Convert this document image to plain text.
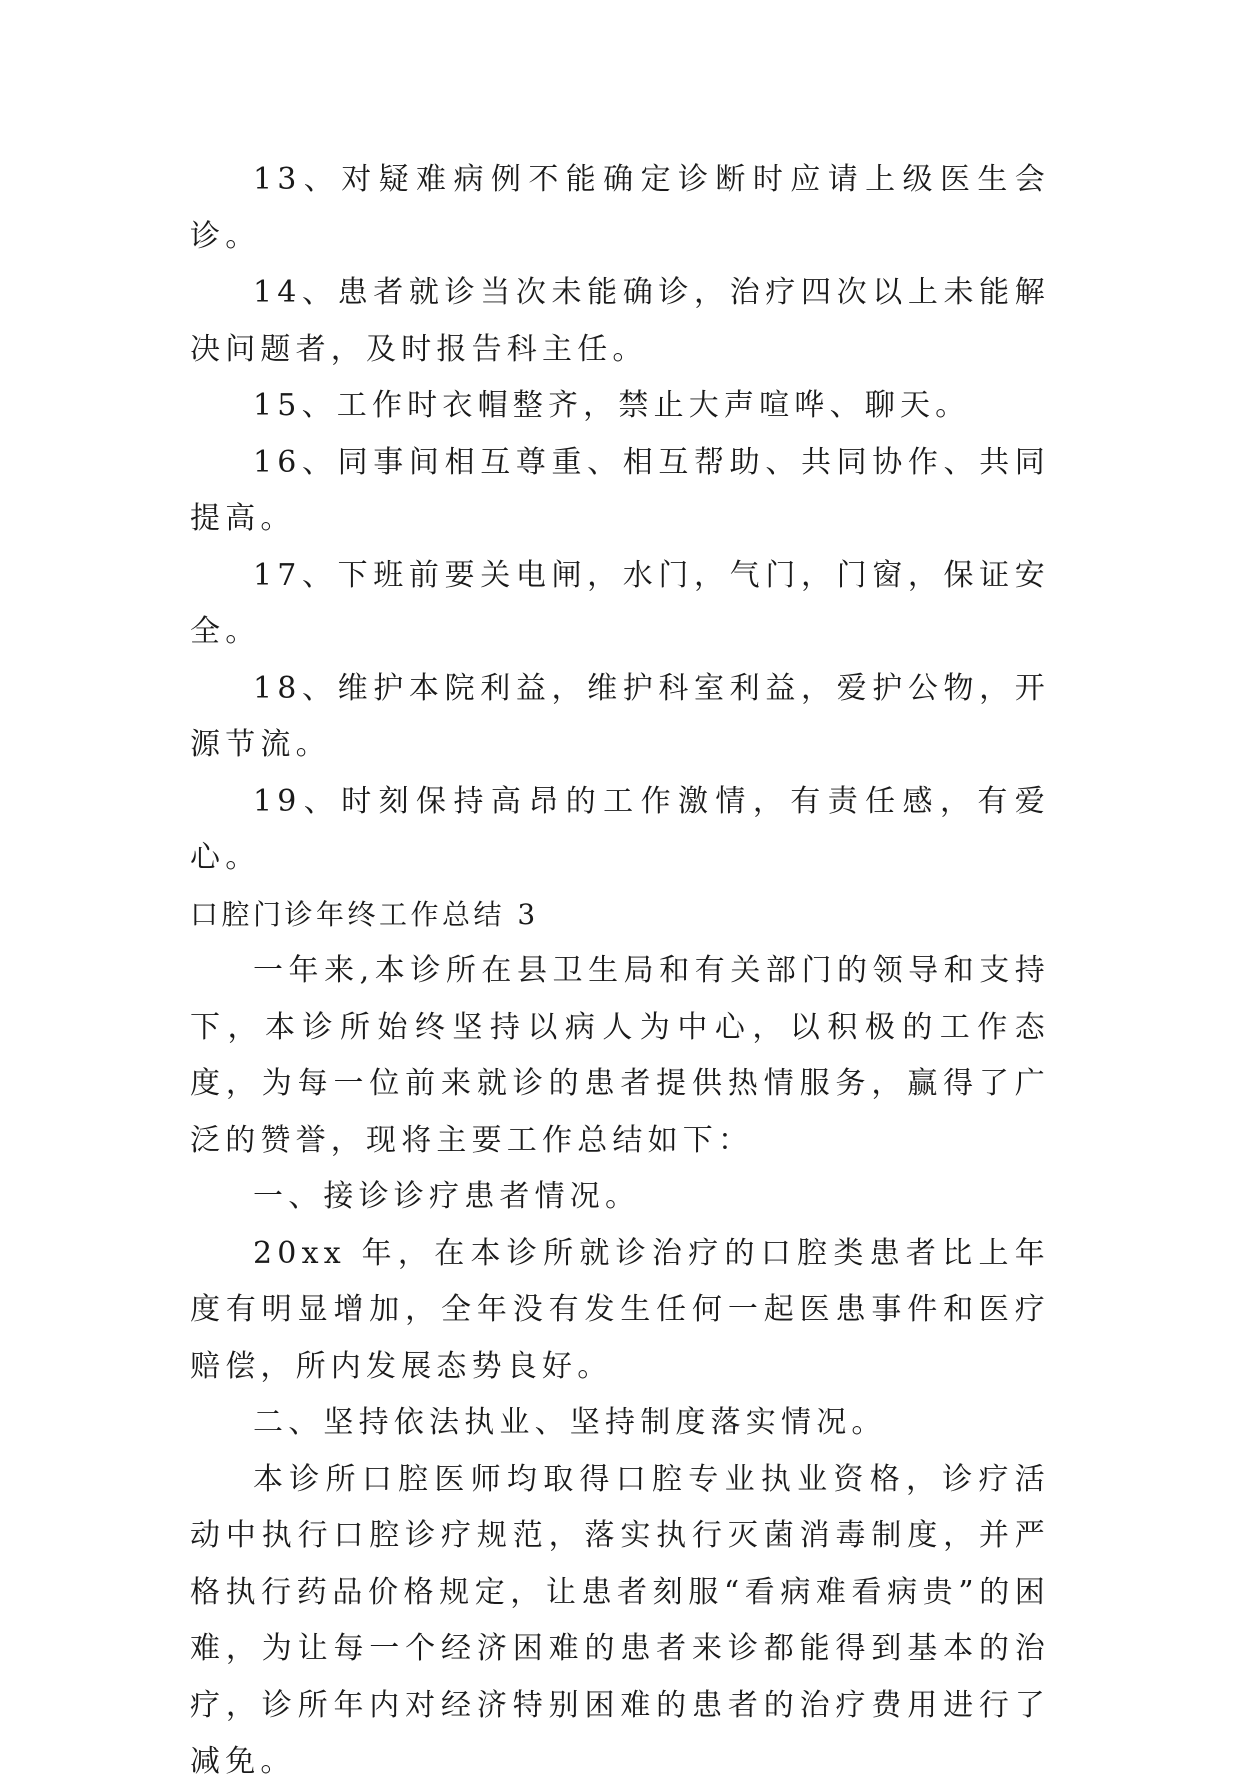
13、对疑难病例不能确定诊断时应请上级医生会诊。

14、患者就诊当次未能确诊，治疗四次以上未能解决问题者，及时报告科主任。

15、工作时衣帽整齐，禁止大声喧哗、聊天。

16、同事间相互尊重、相互帮助、共同协作、共同提高。

17、下班前要关电闸，水门，气门，门窗，保证安全。

18、维护本院利益，维护科室利益，爱护公物，开源节流。

19、时刻保持高昂的工作激情，有责任感，有爱心。

口腔门诊年终工作总结 3

一年来,本诊所在县卫生局和有关部门的领导和支持下，本诊所始终坚持以病人为中心，以积极的工作态度，为每一位前来就诊的患者提供热情服务，赢得了广泛的赞誉，现将主要工作总结如下：

一、接诊诊疗患者情况。

20xx 年，在本诊所就诊治疗的口腔类患者比上年度有明显增加，全年没有发生任何一起医患事件和医疗赔偿，所内发展态势良好。

二、坚持依法执业、坚持制度落实情况。

本诊所口腔医师均取得口腔专业执业资格，诊疗活动中执行口腔诊疗规范，落实执行灭菌消毒制度，并严格执行药品价格规定，让患者刻服“看病难看病贵”的困难，为让每一个经济困难的患者来诊都能得到基本的治疗，诊所年内对经济特别困难的患者的治疗费用进行了减免。
